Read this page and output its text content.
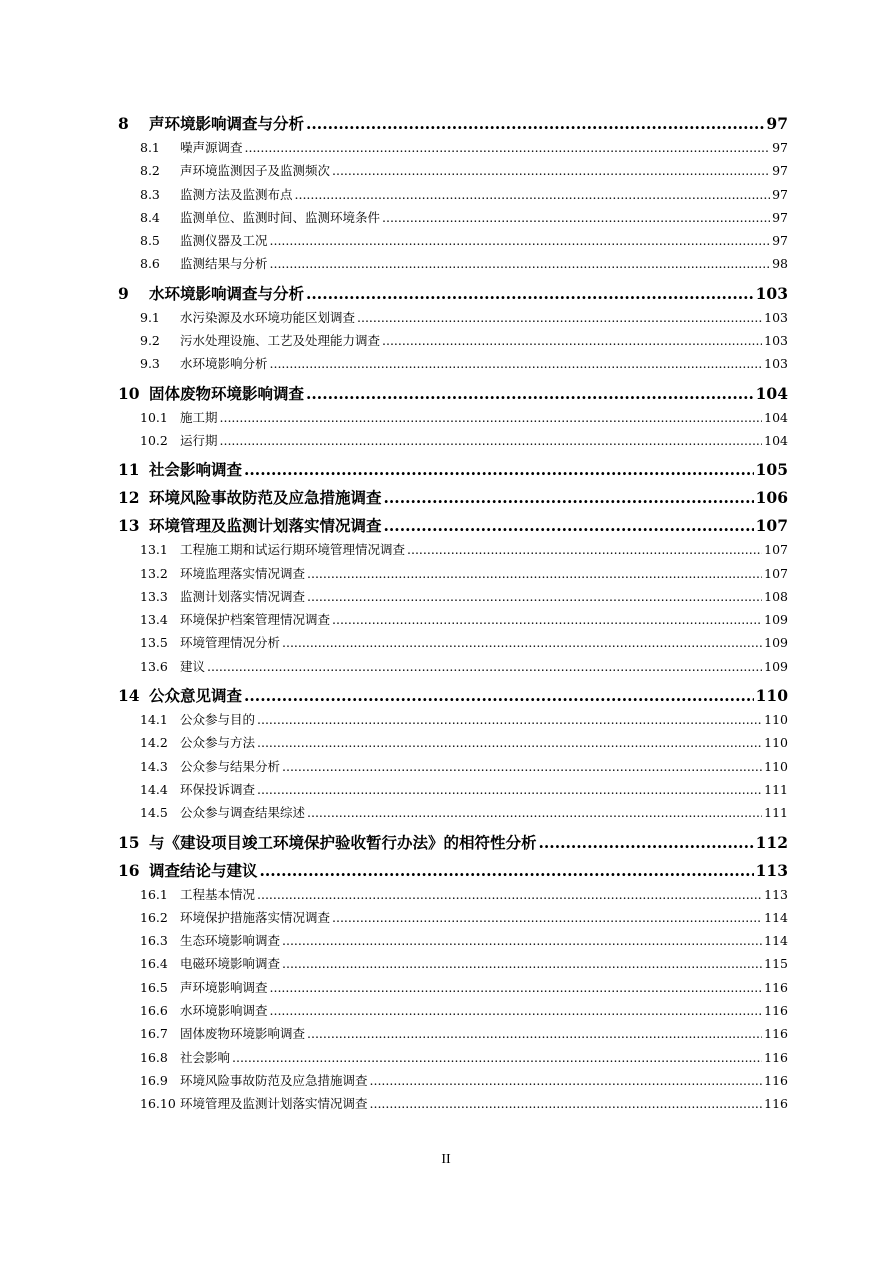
8	声环境影响调查与分析 .....	97
8.1	噪声源调查 .....	97
8.2	声环境监测因子及监测频次 .....	97
8.3	监测方法及监测布点 .....	97
8.4	监测单位、监测时间、监测环境条件 .....	97
8.5	监测仪器及工况 .....	97
8.6	监测结果与分析 .....	98
9	水环境影响调查与分析 .....	103
9.1	水污染源及水环境功能区划调查 .....	103
9.2	污水处理设施、工艺及处理能力调查 .....	103
9.3	水环境影响分析 .....	103
10 固体废物环境影响调查 .....	104
10.1 施工期 .....	104
10.2 运行期 .....	104
11 社会影响调查 .....	105
12 环境风险事故防范及应急措施调查 .....	106
13 环境管理及监测计划落实情况调查 .....	107
13.1 工程施工期和试运行期环境管理情况调查 .....	107
13.2 环境监理落实情况调查 .....	107
13.3 监测计划落实情况调查 .....	108
13.4 环境保护档案管理情况调查 .....	109
13.5 环境管理情况分析 .....	109
13.6 建议 .....	109
14 公众意见调查 .....	110
14.1 公众参与目的 .....	110
14.2 公众参与方法 .....	110
14.3 公众参与结果分析 .....	110
14.4 环保投诉调查 .....	111
14.5 公众参与调查结果综述 .....	111
15 与《建设项目竣工环境保护验收暂行办法》的相符性分析 .....	112
16 调查结论与建议 .....	113
16.1 工程基本情况 .....	113
16.2 环境保护措施落实情况调查 .....	114
16.3 生态环境影响调查 .....	114
16.4 电磁环境影响调查 .....	115
16.5 声环境影响调查 .....	116
16.6 水环境影响调查 .....	116
16.7 固体废物环境影响调查 .....	116
16.8 社会影响 .....	116
16.9 环境风险事故防范及应急措施调查 .....	116
16.10 环境管理及监测计划落实情况调查 .....	116
II
